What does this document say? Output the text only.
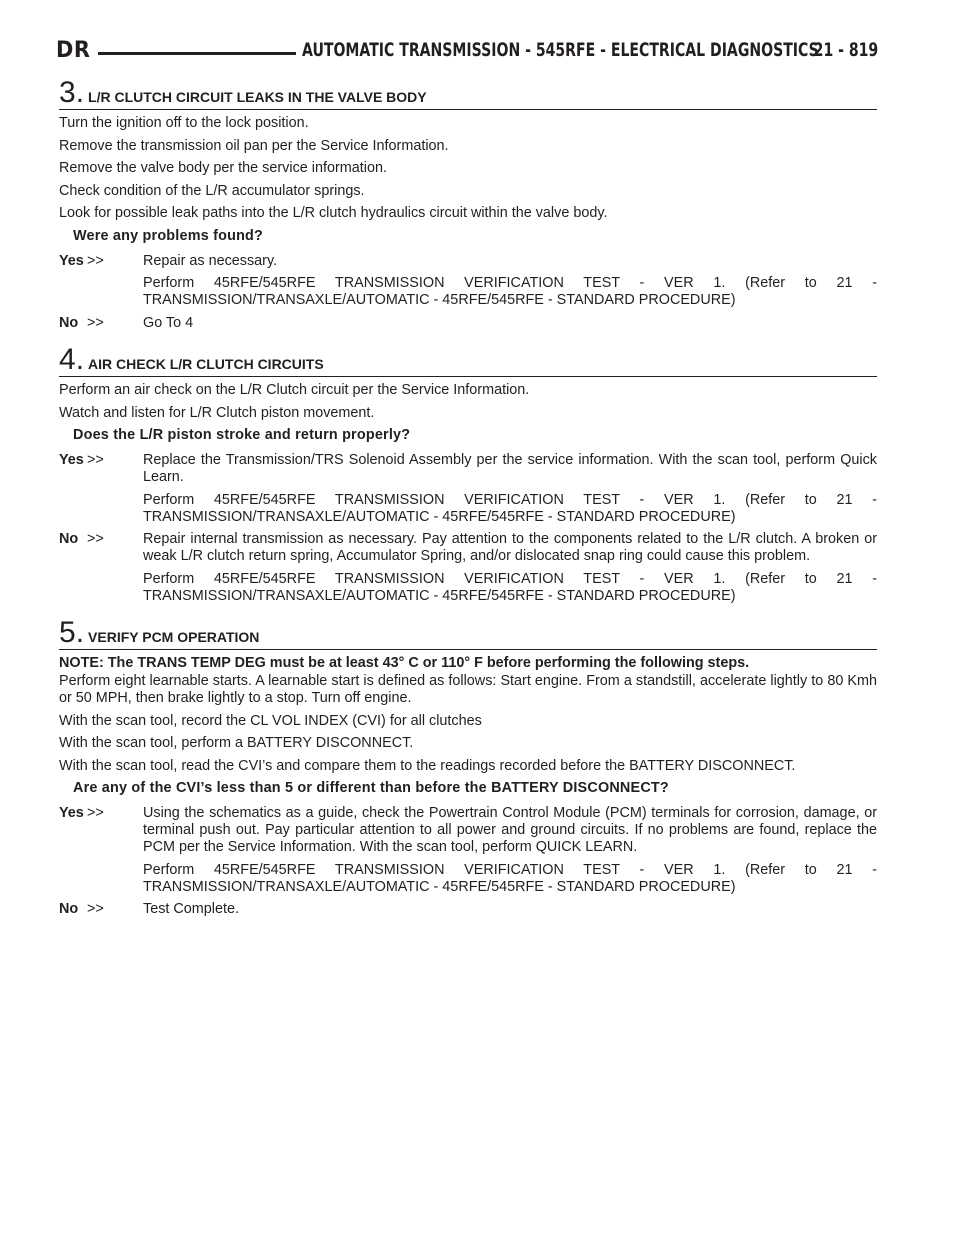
DR	AUTOMATIC TRANSMISSION - 545RFE - ELECTRICAL DIAGNOSTICS
21 - 819
3 . L/R CLUTCH CIRCUIT LEAKS IN THE VALVE BODY

Turn the ignition off to the lock position.

Remove the transmission oil pan per the Service Information.

Remove the valve body per the service information.

Check condition of the L/R accumulator springs.

Look for possible leak paths into the L/R clutch hydraulics circuit within the valve body.

Were any problems found?

Yes >>	Repair as necessary.

Perform 45RFE/545RFE TRANSMISSION VERIFICATION TEST - VER 1. (Refer to 21 - TRANSMISSION/TRANSAXLE/AUTOMATIC - 45RFE/545RFE - STANDARD PROCEDURE)

No >>	Go To 4

4 . AIR CHECK L/R CLUTCH CIRCUITS

Perform an air check on the L/R Clutch circuit per the Service Information.

Watch and listen for L/R Clutch piston movement.

Does the L/R piston stroke and return properly?

Yes >>	Replace the Transmission/TRS Solenoid Assembly per the service information. With the scan tool, perform Quick Learn.

Perform 45RFE/545RFE TRANSMISSION VERIFICATION TEST - VER 1. (Refer to 21 - TRANSMISSION/TRANSAXLE/AUTOMATIC - 45RFE/545RFE - STANDARD PROCEDURE)

No >>	Repair internal transmission as necessary. Pay attention to the components related to the L/R clutch. A broken or weak L/R clutch return spring, Accumulator Spring, and/or dislocated snap ring could cause this problem.

Perform 45RFE/545RFE TRANSMISSION VERIFICATION TEST - VER 1. (Refer to 21 - TRANSMISSION/TRANSAXLE/AUTOMATIC - 45RFE/545RFE - STANDARD PROCEDURE)

5 . VERIFY PCM OPERATION

NOTE: The TRANS TEMP DEG must be at least 43° C or 110° F before performing the following steps.

Perform eight learnable starts. A learnable start is defined as follows: Start engine. From a standstill, accelerate lightly to 80 Kmh or 50 MPH, then brake lightly to a stop. Turn off engine.

With the scan tool, record the CL VOL INDEX (CVI) for all clutches

With the scan tool, perform a BATTERY DISCONNECT.

With the scan tool, read the CVI’s and compare them to the readings recorded before the BATTERY DISCONNECT.

Are any of the CVI’s less than 5 or different than before the BATTERY DISCONNECT?

Yes >>	Using the schematics as a guide, check the Powertrain Control Module (PCM) terminals for corrosion, damage, or terminal push out. Pay particular attention to all power and ground circuits. If no problems are found, replace the PCM per the Service Information. With the scan tool, perform QUICK LEARN.

Perform 45RFE/545RFE TRANSMISSION VERIFICATION TEST - VER 1. (Refer to 21 - TRANSMISSION/TRANSAXLE/AUTOMATIC - 45RFE/545RFE - STANDARD PROCEDURE)

No >>	Test Complete.
